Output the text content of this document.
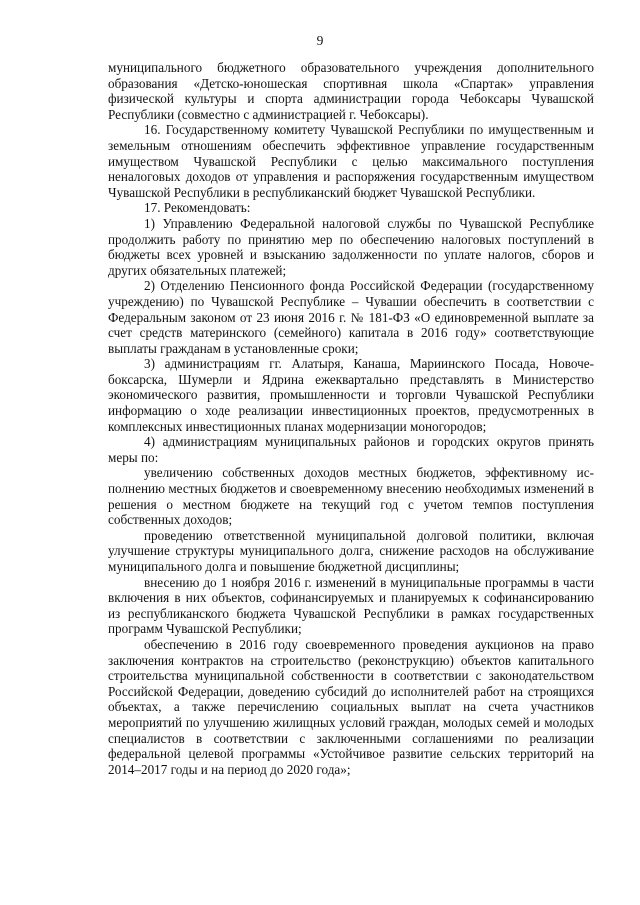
9

муниципального бюджетного образовательного учреждения дополнительного образования «Детско-юношеская спортивная школа «Спартак» управления физической культуры и спорта администрации города Чебоксары Чувашской Республики (совместно с администрацией г. Чебоксары).

16. Государственному комитету Чувашской Республики по имущественным и земельным отношениям обеспечить эффективное управление государственным имуществом Чувашской Республики с целью максимального поступления неналоговых доходов от управления и распоряжения государственным имуществом Чувашской Республики в республиканский бюджет Чувашской Республики.

17. Рекомендовать:

1) Управлению Федеральной налоговой службы по Чувашской Республике продолжить работу по принятию мер по обеспечению налоговых поступлений в бюджеты всех уровней и взысканию задолженности по уплате налогов, сборов и других обязательных платежей;

2) Отделению Пенсионного фонда Российской Федерации (государственному учреждению) по Чувашской Республике – Чувашии обеспечить в соответствии с Федеральным законом от 23 июня 2016 г. № 181-ФЗ «О единовременной выплате за счет средств материнского (семейного) капитала в 2016 году» соответствующие выплаты гражданам в установленные сроки;

3) администрациям гг. Алатыря, Канаша, Мариинского Посада, Новочебоксарска, Шумерли и Ядрина ежеквартально представлять в Министерство экономического развития, промышленности и торговли Чувашской Республики информацию о ходе реализации инвестиционных проектов, предусмотренных в комплексных инвестиционных планах модернизации моногородов;

4) администрациям муниципальных районов и городских округов принять меры по:

увеличению собственных доходов местных бюджетов, эффективному исполнению местных бюджетов и своевременному внесению необходимых изменений в решения о местном бюджете на текущий год с учетом темпов поступления собственных доходов;

проведению ответственной муниципальной долговой политики, включая улучшение структуры муниципального долга, снижение расходов на обслуживание муниципального долга и повышение бюджетной дисциплины;

внесению до 1 ноября 2016 г. изменений в муниципальные программы в части включения в них объектов, софинансируемых и планируемых к софинансированию из республиканского бюджета Чувашской Республики в рамках государственных программ Чувашской Республики;

обеспечению в 2016 году своевременного проведения аукционов на право заключения контрактов на строительство (реконструкцию) объектов капитального строительства муниципальной собственности в соответствии с законодательством Российской Федерации, доведению субсидий до исполнителей работ на строящихся объектах, а также перечислению социальных выплат на счета участников мероприятий по улучшению жилищных условий граждан, молодых семей и молодых специалистов в соответствии с заключенными соглашениями по реализации федеральной целевой программы «Устойчивое развитие сельских территорий на 2014–2017 годы и на период до 2020 года»;
